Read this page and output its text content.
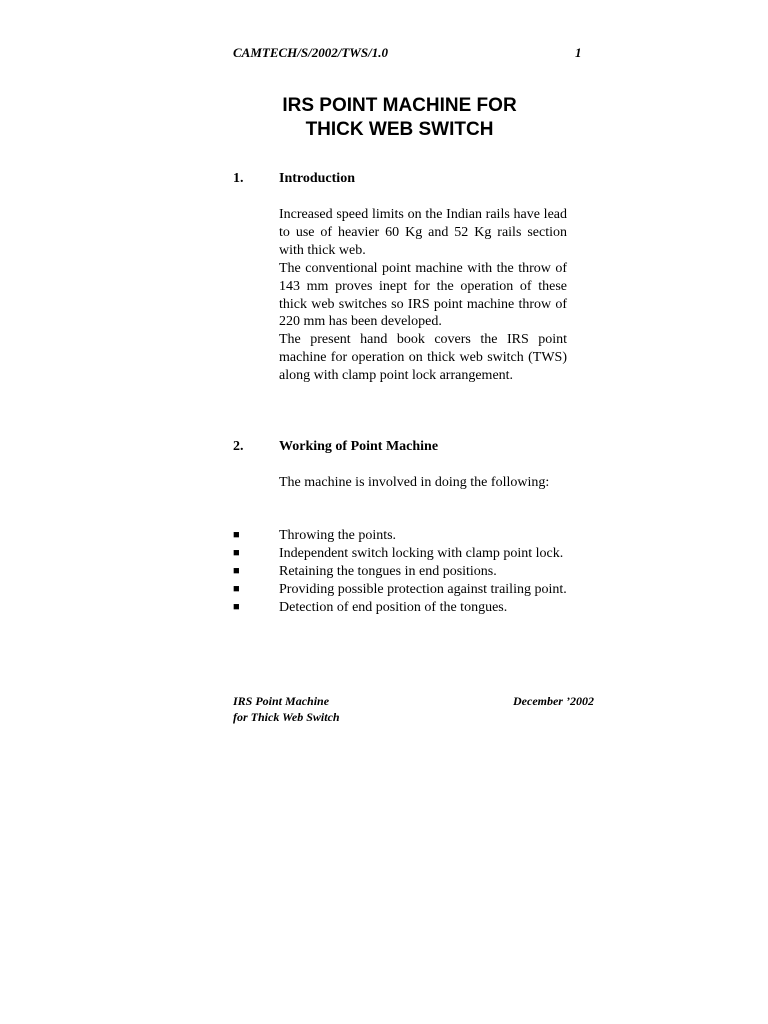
CAMTECH/S/2002/TWS/1.0	1
IRS POINT MACHINE FOR
THICK WEB SWITCH
1.	Introduction

Increased speed limits on the Indian rails have lead to use of heavier 60 Kg and 52 Kg rails section with thick web.

The conventional point machine with the throw of 143 mm proves inept for the operation of these thick web switches so IRS point machine throw of 220 mm has been developed.

The present hand book covers the IRS point machine for operation on thick web switch (TWS) along with clamp point lock arrangement.

2.	Working of Point Machine

The machine is involved in doing the following:

■	Throwing the points.
■	Independent switch locking with clamp point lock.
■	Retaining the tongues in end positions.
■	Providing possible protection against trailing point.
■	Detection of end position of the tongues.
IRS Point Machine
for Thick Web Switch
December ’2002
